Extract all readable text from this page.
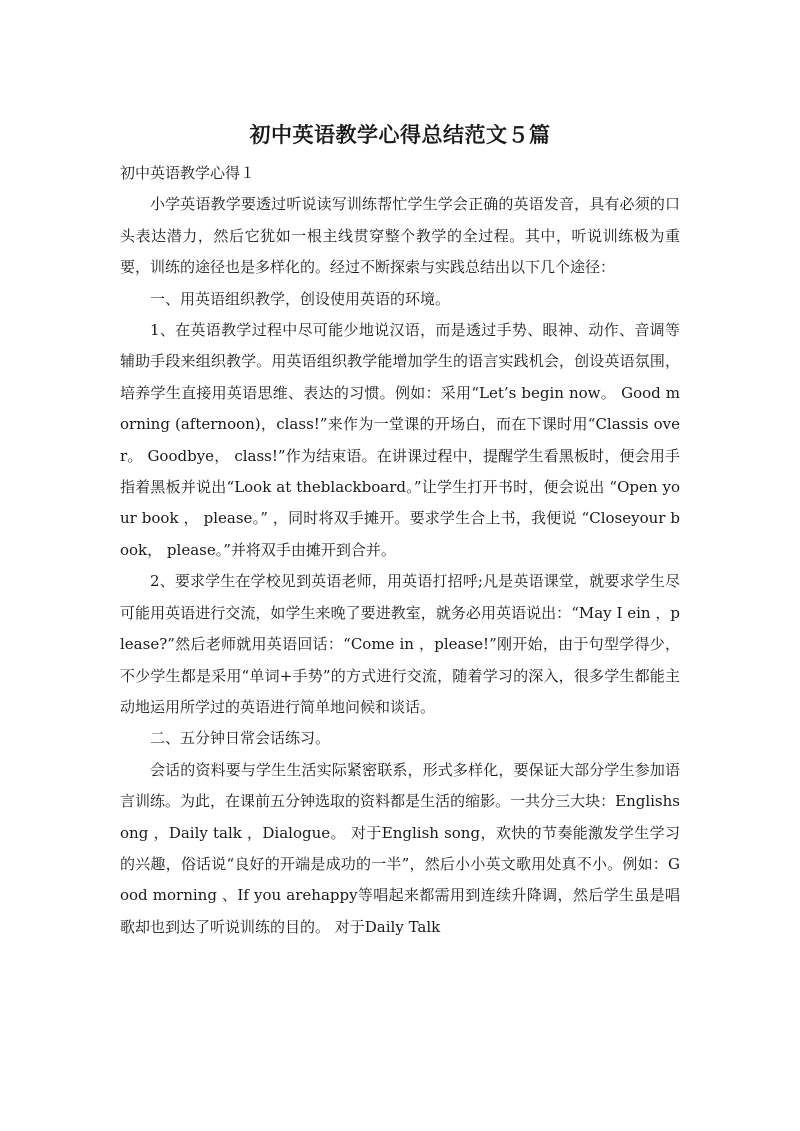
初中英语教学心得总结范文５篇

初中英语教学心得１

小学英语教学要透过听说读写训练帮忙学生学会正确的英语发音，具有必须的口头表达潜力，然后它犹如一根主线贯穿整个教学的全过程。其中，听说训练极为重要，训练的途径也是多样化的。经过不断探索与实践总结出以下几个途径：

一、用英语组织教学，创设使用英语的环境。

1、在英语教学过程中尽可能少地说汉语，而是透过手势、眼神、动作、音调等辅助手段来组织教学。用英语组织教学能增加学生的语言实践机会，创设英语氛围，培养学生直接用英语思维、表达的习惯。例如：采用“Let’s begin now。 Good morning (afternoon)，class!”来作为一堂课的开场白，而在下课时用“Classis over。 Goodbye， class!”作为结束语。在讲课过程中，提醒学生看黑板时，便会用手指着黑板并说出“Look at theblackboard。”让学生打开书时，便会说出 “Open your book ， please。” ，同时将双手摊开。要求学生合上书，我便说 “Closeyour book， please。”并将双手由摊开到合并。

2、要求学生在学校见到英语老师，用英语打招呼;凡是英语课堂，就要求学生尽可能用英语进行交流，如学生来晚了要进教室，就务必用英语说出：“May I ein ，please?”然后老师就用英语回话：“Come in ，please!”刚开始，由于句型学得少，不少学生都是采用“单词+手势”的方式进行交流，随着学习的深入，很多学生都能主动地运用所学过的英语进行简单地问候和谈话。

二、五分钟日常会话练习。

会话的资料要与学生生活实际紧密联系，形式多样化，要保证大部分学生参加语言训练。为此，在课前五分钟选取的资料都是生活的缩影。一共分三大块：Englishsong ，Daily talk ，Dialogue。 对于English song，欢快的节奏能激发学生学习的兴趣，俗话说“良好的开端是成功的一半”，然后小小英文歌用处真不小。例如：Good morning 、If you arehappy等唱起来都需用到连续升降调，然后学生虽是唱歌却也到达了听说训练的目的。 对于Daily Talk
